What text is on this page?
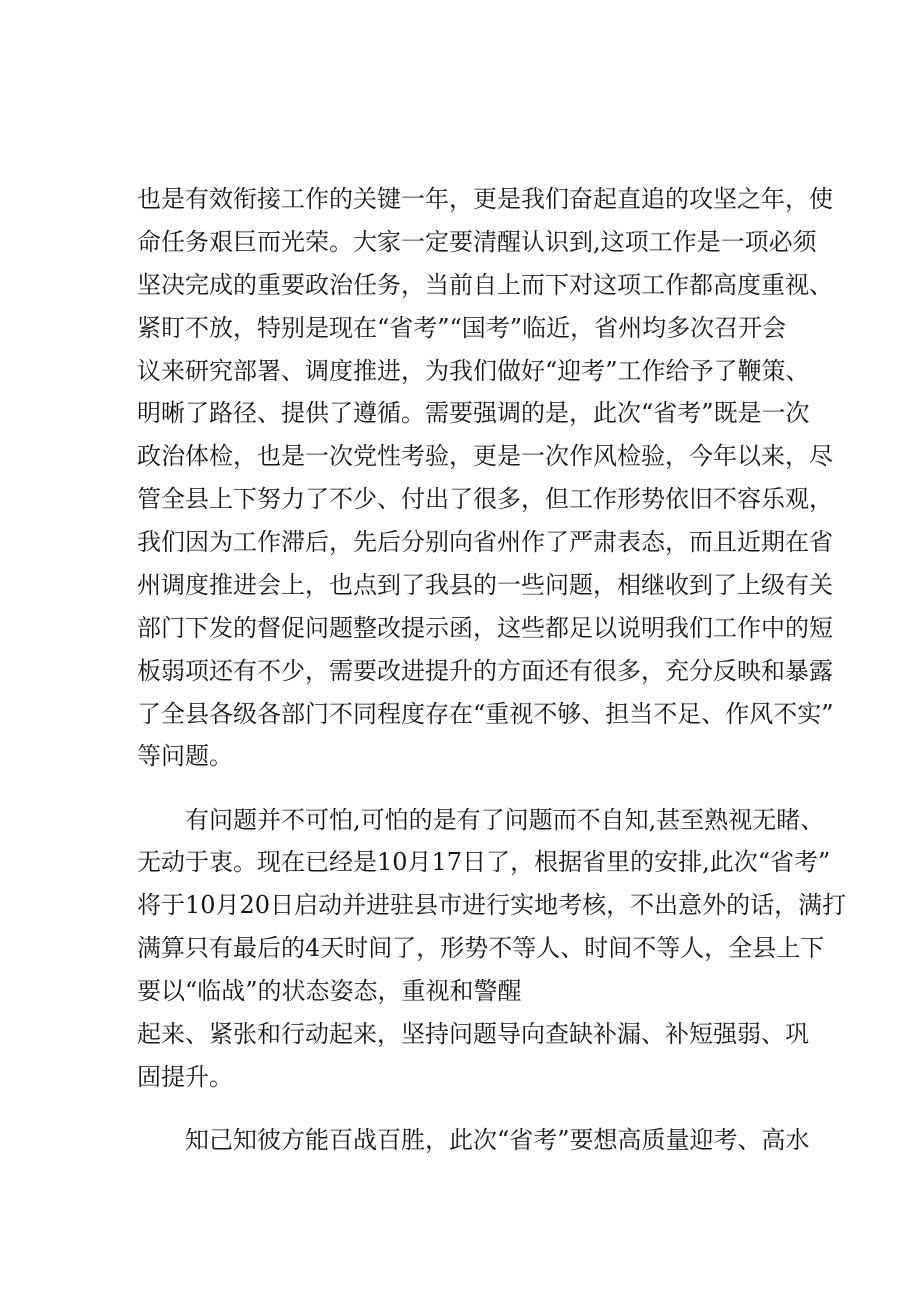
也是有效衔接工作的关键一年，更是我们奋起直追的攻坚之年，使

命任务艰巨而光荣。大家一定要清醒认识到,这项工作是一项必须

坚决完成的重要政治任务，当前自上而下对这项工作都高度重视、

紧盯不放，特别是现在“省考”“国考”临近，省州均多次召开会

议来研究部署、调度推进，为我们做好“迎考”工作给予了鞭策、

明晰了路径、提供了遵循。需要强调的是，此次“省考”既是一次

政治体检，也是一次党性考验，更是一次作风检验，今年以来，尽

管全县上下努力了不少、付出了很多，但工作形势依旧不容乐观，

我们因为工作滞后，先后分别向省州作了严肃表态，而且近期在省

州调度推进会上，也点到了我县的一些问题，相继收到了上级有关

部门下发的督促问题整改提示函，这些都足以说明我们工作中的短

板弱项还有不少，需要改进提升的方面还有很多，充分反映和暴露

了全县各级各部门不同程度存在“重视不够、担当不足、作风不实”

等问题。

有问题并不可怕,可怕的是有了问题而不自知,甚至熟视无睹、

无动于衷。现在已经是10月17日了，根据省里的安排,此次“省考”

将于10月20日启动并进驻县市进行实地考核，不出意外的话，满打

满算只有最后的4天时间了，形势不等人、时间不等人，全县上下

要以“临战”的状态姿态，重视和警醒

起来、紧张和行动起来，坚持问题导向查缺补漏、补短强弱、巩

固提升。

知己知彼方能百战百胜，此次“省考”要想高质量迎考、高水
